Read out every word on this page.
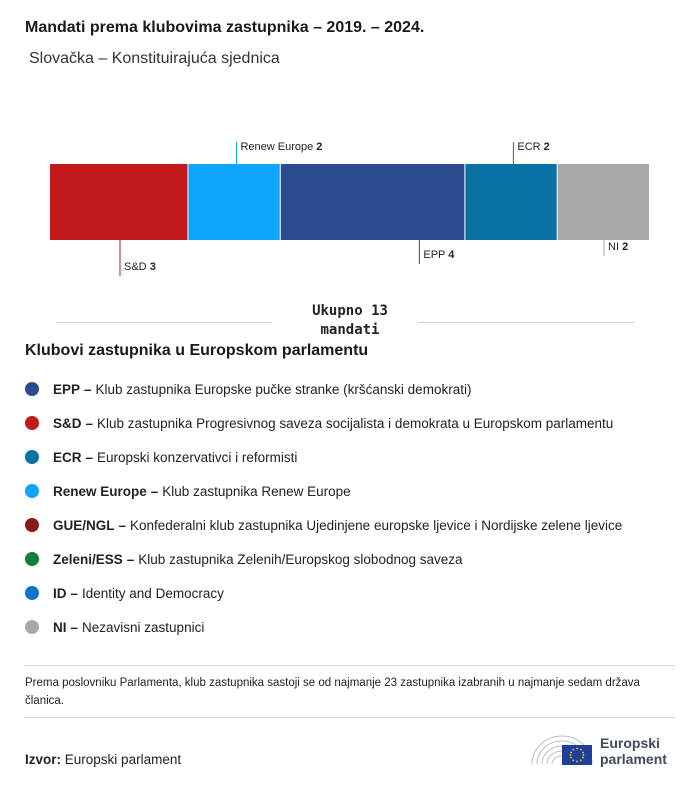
Mandati prema klubovima zastupnika – 2019. – 2024.
Slovačka – Konstituirajuća sjednica
S&D 3
Renew Europe 2
EPP 4
ECR 2
NI 2
Ukupno 13
mandati
Klubovi zastupnika u Europskom parlamentu
EPP – Klub zastupnika Europske pučke stranke (kršćanski demokrati)
S&D – Klub zastupnika Progresivnog saveza socijalista i demokrata u Europskom parlamentu
ECR – Europski konzervativci i reformisti
Renew Europe – Klub zastupnika Renew Europe
GUE/NGL – Konfederalni klub zastupnika Ujedinjene europske ljevice i Nordijske zelene ljevice
Zeleni/ESS – Klub zastupnika Zelenih/Europskog slobodnog saveza
ID – Identity and Democracy
NI – Nezavisni zastupnici
Prema poslovniku Parlamenta, klub zastupnika sastoji se od najmanje 23 zastupnika izabranih u najmanje sedam država članica.
Izvor: Europski parlament
Europski
parlament
